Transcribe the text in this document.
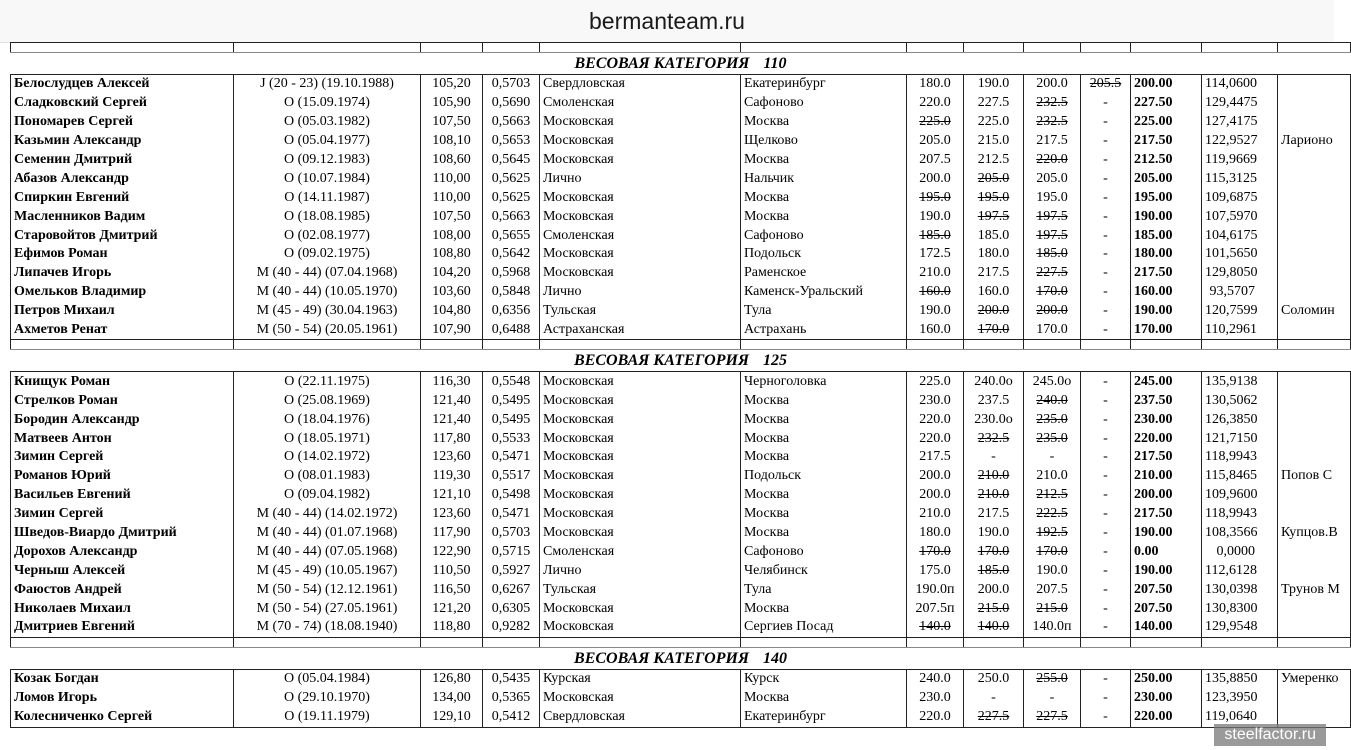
bermanteam.ru

ВЕСОВАЯ КАТЕГОРИЯ 110												
Белослудцев Алексей	J (20 - 23) (19.10.1988)	105,20	0,5703	Свердловская	Екатеринбург	180.0	190.0	200.0	205.5	200.00	114,0600	
Сладковский Сергей	О (15.09.1974)	105,90	0,5690	Смоленская	Сафоново	220.0	227.5	232.5	-	227.50	129,4475	
Пономарев Сергей	О (05.03.1982)	107,50	0,5663	Московская	Москва	225.0	225.0	232.5	-	225.00	127,4175	
Казьмин Александр	О (05.04.1977)	108,10	0,5653	Московская	Щелково	205.0	215.0	217.5	-	217.50	122,9527	Ларионо
Семенин Дмитрий	О (09.12.1983)	108,60	0,5645	Московская	Москва	207.5	212.5	220.0	-	212.50	119,9669	
Абазов Александр	О (10.07.1984)	110,00	0,5625	Лично	Нальчик	200.0	205.0	205.0	-	205.00	115,3125	
Спиркин Евгений	О (14.11.1987)	110,00	0,5625	Московская	Москва	195.0	195.0	195.0	-	195.00	109,6875	
Масленников Вадим	О (18.08.1985)	107,50	0,5663	Московская	Москва	190.0	197.5	197.5	-	190.00	107,5970	
Старовойтов Дмитрий	О (02.08.1977)	108,00	0,5655	Смоленская	Сафоново	185.0	185.0	197.5	-	185.00	104,6175	
Ефимов Роман	О (09.02.1975)	108,80	0,5642	Московская	Подольск	172.5	180.0	185.0	-	180.00	101,5650	
Липачев Игорь	М (40 - 44) (07.04.1968)	104,20	0,5968	Московская	Раменское	210.0	217.5	227.5	-	217.50	129,8050	
Омельков Владимир	М (40 - 44) (10.05.1970)	103,60	0,5848	Лично	Каменск-Уральский	160.0	160.0	170.0	-	160.00	93,5707	
Петров Михаил	М (45 - 49) (30.04.1963)	104,80	0,6356	Тульская	Тула	190.0	200.0	200.0	-	190.00	120,7599	Соломин
Ахметов Ренат	М (50 - 54) (20.05.1961)	107,90	0,6488	Астраханская	Астрахань	160.0	170.0	170.0	-	170.00	110,2961	

ВЕСОВАЯ КАТЕГОРИЯ 125												
Книщук Роман	О (22.11.1975)	116,30	0,5548	Московская	Черноголовка	225.0	240.0о	245.0о	-	245.00	135,9138	
Стрелков Роман	О (25.08.1969)	121,40	0,5495	Московская	Москва	230.0	237.5	240.0	-	237.50	130,5062	
Бородин Александр	О (18.04.1976)	121,40	0,5495	Московская	Москва	220.0	230.0о	235.0	-	230.00	126,3850	
Матвеев Антон	О (18.05.1971)	117,80	0,5533	Московская	Москва	220.0	232.5	235.0	-	220.00	121,7150	
Зимин Сергей	О (14.02.1972)	123,60	0,5471	Московская	Москва	217.5	-	-	-	217.50	118,9943	
Романов Юрий	О (08.01.1983)	119,30	0,5517	Московская	Подольск	200.0	210.0	210.0	-	210.00	115,8465	Попов С
Васильев Евгений	О (09.04.1982)	121,10	0,5498	Московская	Москва	200.0	210.0	212.5	-	200.00	109,9600	
Зимин Сергей	М (40 - 44) (14.02.1972)	123,60	0,5471	Московская	Москва	210.0	217.5	222.5	-	217.50	118,9943	
Шведов-Виардо Дмитрий	М (40 - 44) (01.07.1968)	117,90	0,5703	Московская	Москва	180.0	190.0	192.5	-	190.00	108,3566	Купцов.В
Дорохов Александр	М (40 - 44) (07.05.1968)	122,90	0,5715	Смоленская	Сафоново	170.0	170.0	170.0	-	0.00	0,0000	
Черныш Алексей	М (45 - 49) (10.05.1967)	110,50	0,5927	Лично	Челябинск	175.0	185.0	190.0	-	190.00	112,6128	
Фаюстов Андрей	М (50 - 54) (12.12.1961)	116,50	0,6267	Тульская	Тула	190.0п	200.0	207.5	-	207.50	130,0398	Трунов М
Николаев Михаил	М (50 - 54) (27.05.1961)	121,20	0,6305	Московская	Москва	207.5п	215.0	215.0	-	207.50	130,8300	
Дмитриев Евгений	М (70 - 74) (18.08.1940)	118,80	0,9282	Московская	Сергиев Посад	140.0	140.0	140.0п	-	140.00	129,9548	

ВЕСОВАЯ КАТЕГОРИЯ 140												
Козак Богдан	О (05.04.1984)	126,80	0,5435	Курская	Курск	240.0	250.0	255.0	-	250.00	135,8850	Умеренко
Ломов Игорь	О (29.10.1970)	134,00	0,5365	Московская	Москва	230.0	-	-	-	230.00	123,3950	
Колесниченко Сергей	О (19.11.1979)	129,10	0,5412	Свердловская	Екатеринбург	220.0	227.5	227.5	-	220.00	119,0640	
steelfactor.ru
